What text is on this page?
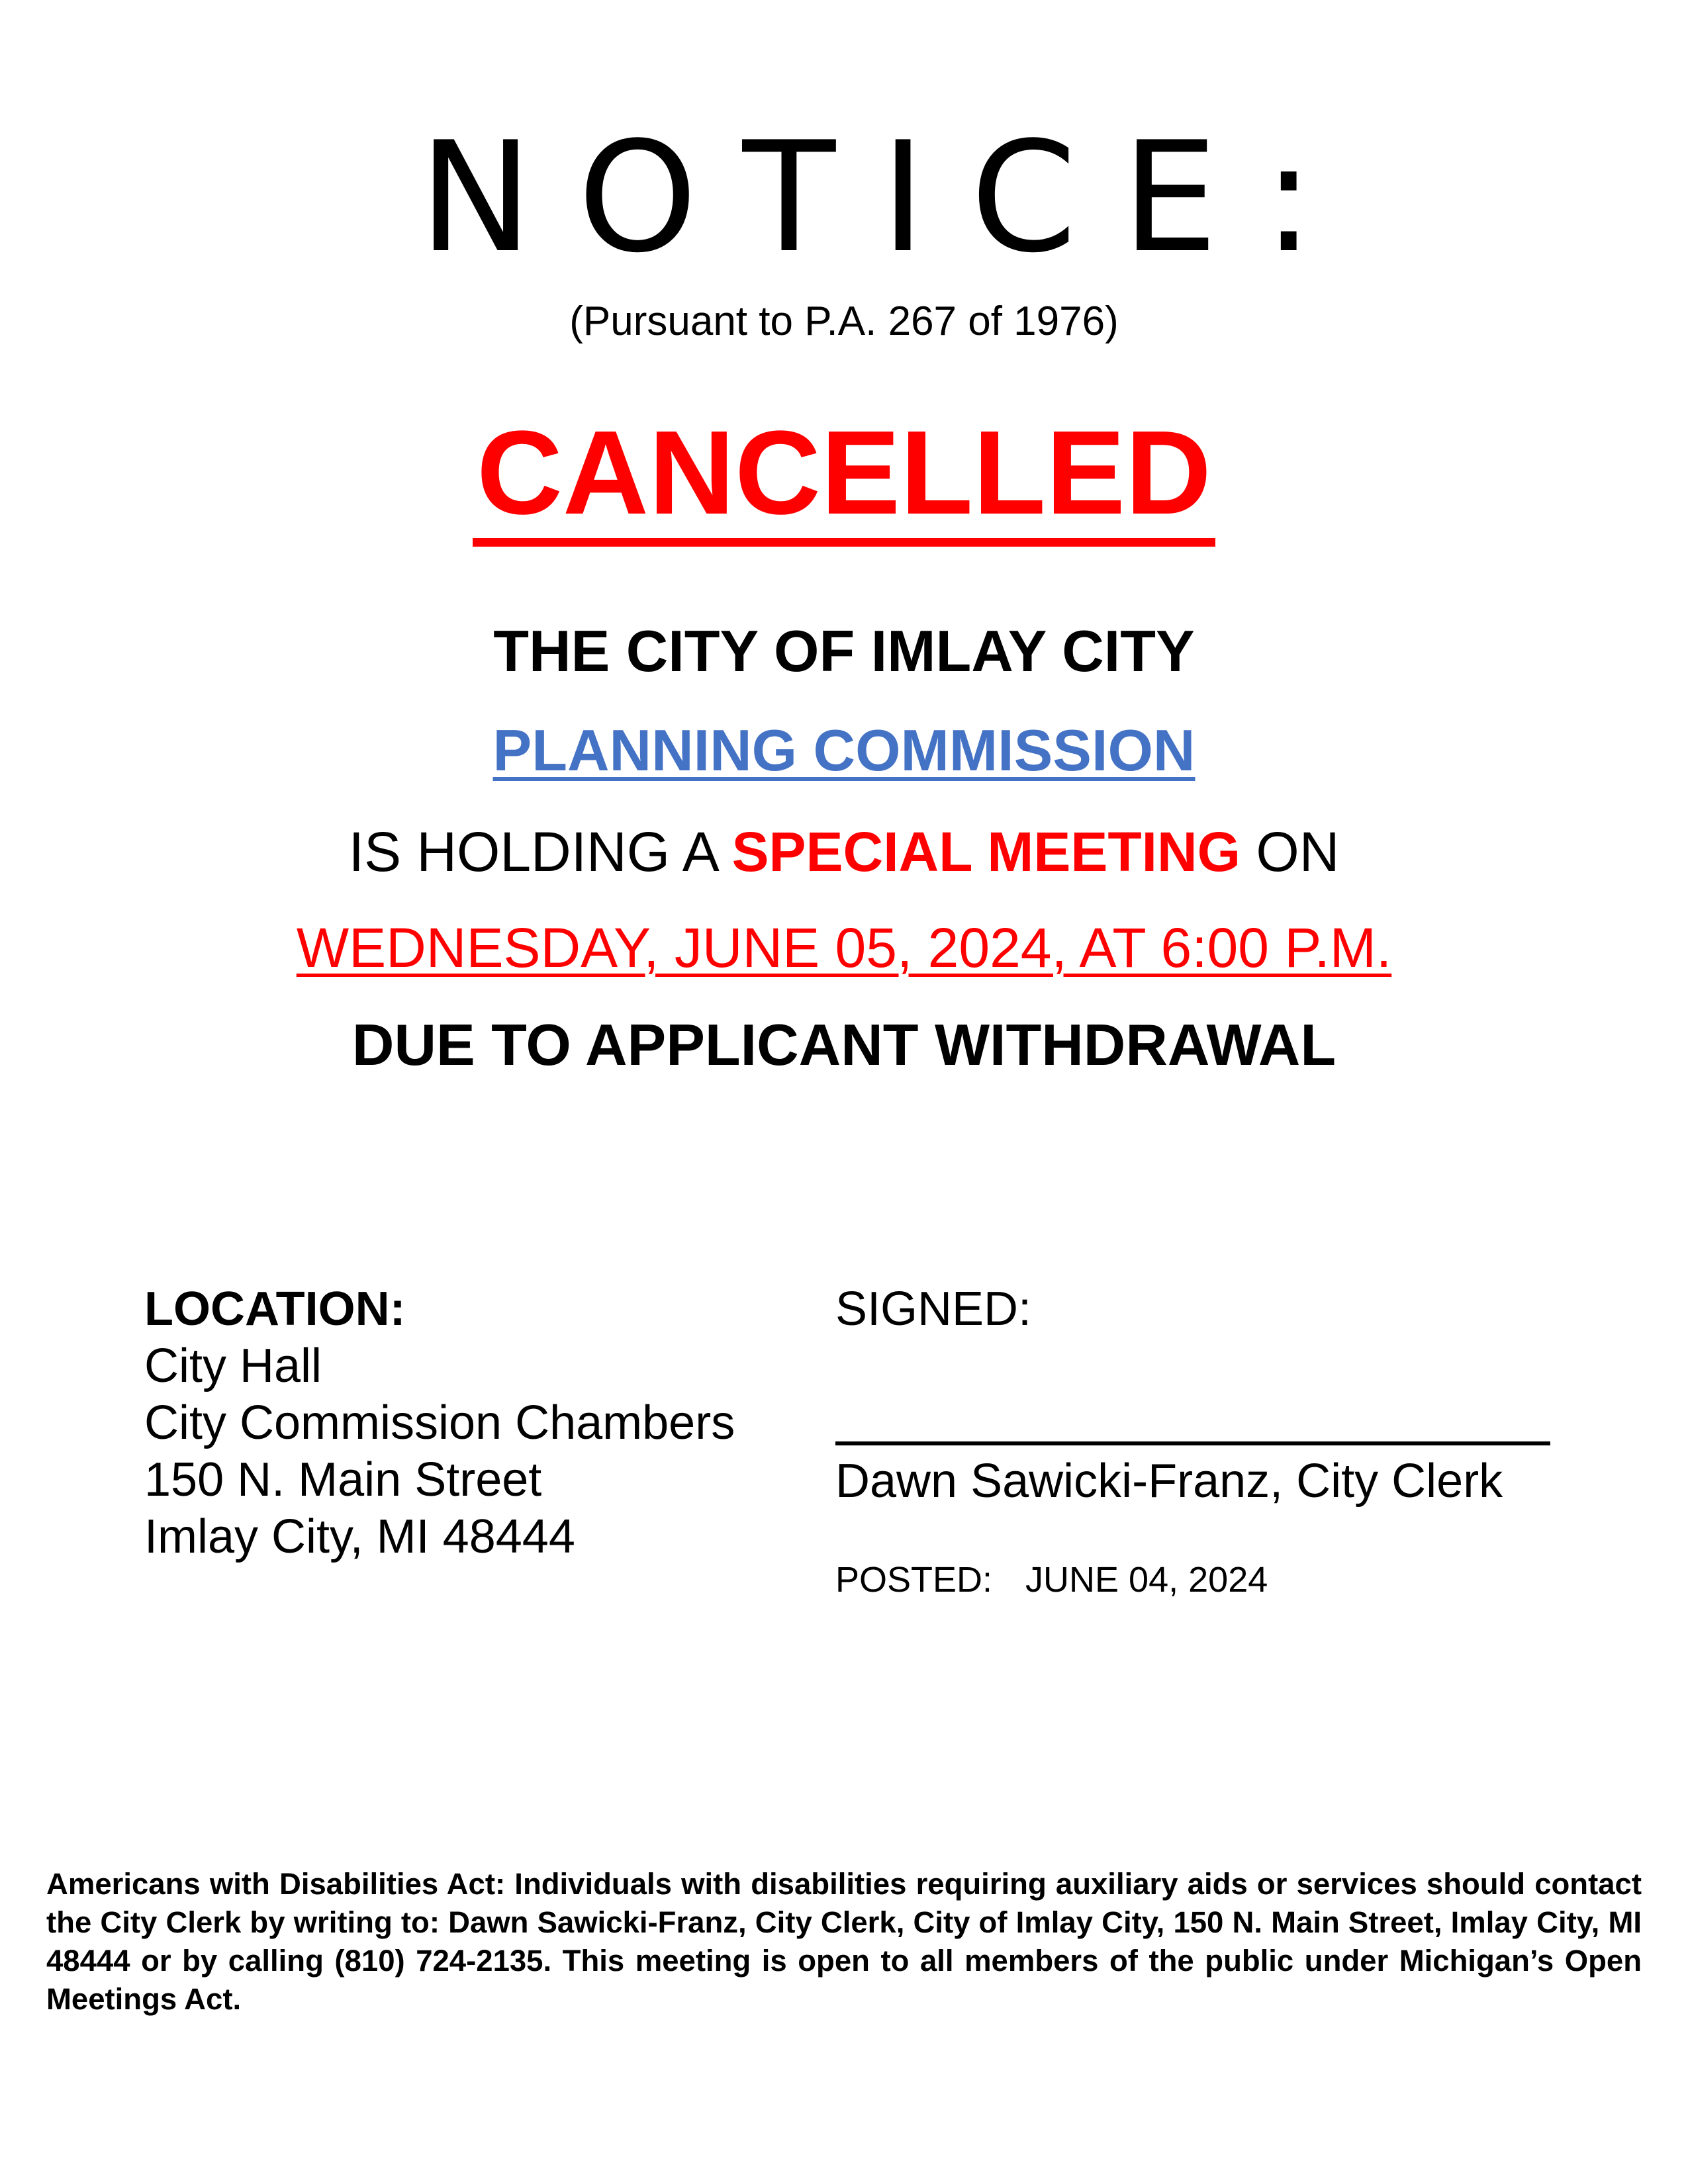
NOTICE:
(Pursuant to P.A. 267 of 1976)
CANCELLED
THE CITY OF IMLAY CITY
PLANNING COMMISSION
IS HOLDING A SPECIAL MEETING ON
WEDNESDAY, JUNE 05, 2024, AT 6:00 P.M.
DUE TO APPLICANT WITHDRAWAL
LOCATION:
City Hall
City Commission Chambers
150 N. Main Street
Imlay City, MI 48444
SIGNED:
Dawn Sawicki-Franz, City Clerk
POSTED: JUNE 04, 2024
Americans with Disabilities Act: Individuals with disabilities requiring auxiliary aids or services should contact the City Clerk by writing to: Dawn Sawicki-Franz, City Clerk, City of Imlay City, 150 N. Main Street, Imlay City, MI 48444 or by calling (810) 724-2135. This meeting is open to all members of the public under Michigan’s Open Meetings Act.
